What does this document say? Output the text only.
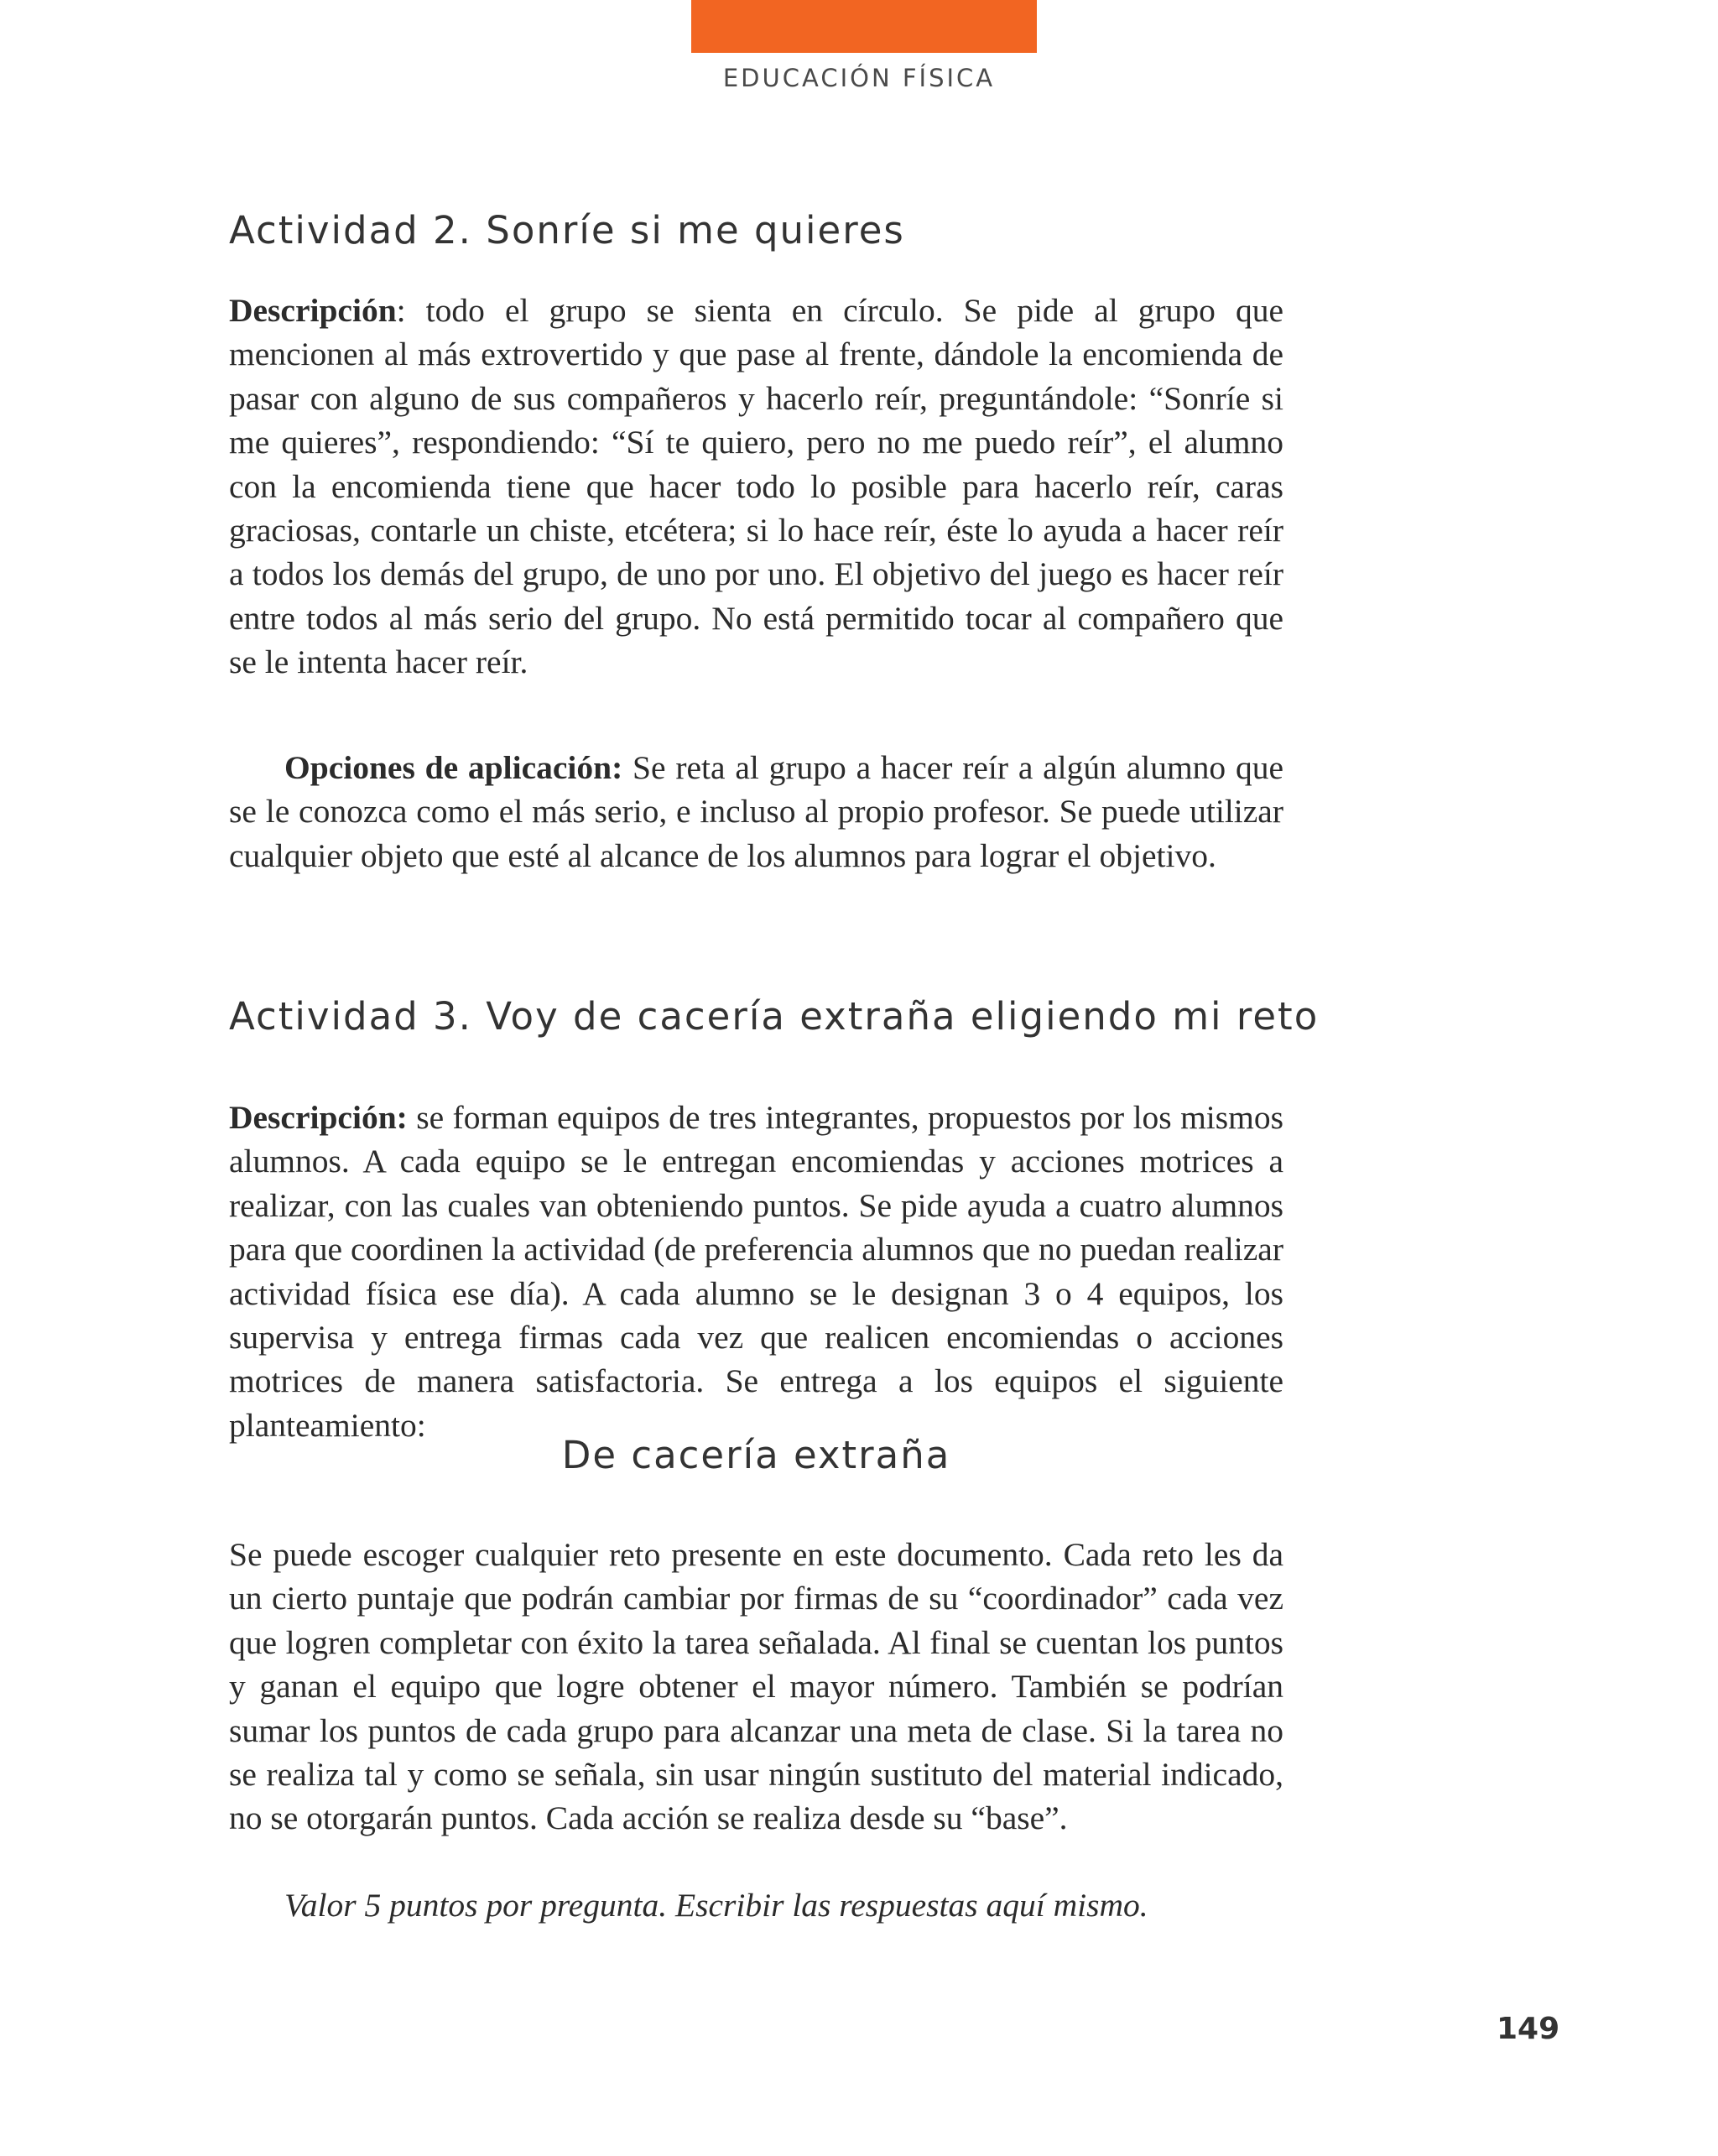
EDUCACIÓN FÍSICA
Actividad 2. Sonríe si me quieres

Descripción: todo el grupo se sienta en círculo. Se pide al grupo que mencionen al más extrovertido y que pase al frente, dándole la encomienda de pasar con alguno de sus compañeros y hacerlo reír, preguntándole: “Sonríe si me quieres”, respondiendo: “Sí te quiero, pero no me puedo reír”, el alumno con la encomienda tiene que hacer todo lo posible para hacerlo reír, caras graciosas, contarle un chiste, etcétera; si lo hace reír, éste lo ayuda a hacer reír a todos los demás del grupo, de uno por uno. El objetivo del juego es hacer reír entre todos al más serio del grupo. No está permitido tocar al compañero que se le intenta hacer reír.

Opciones de aplicación: Se reta al grupo a hacer reír a algún alumno que se le conozca como el más serio, e incluso al propio profesor. Se puede utilizar cualquier objeto que esté al alcance de los alumnos para lograr el objetivo.

Actividad 3. Voy de cacería extraña eligiendo mi reto

Descripción: se forman equipos de tres integrantes, propuestos por los mismos alumnos. A cada equipo se le entregan encomiendas y acciones motrices a realizar, con las cuales van obteniendo puntos. Se pide ayuda a cuatro alumnos para que coordinen la actividad (de preferencia alumnos que no puedan realizar actividad física ese día). A cada alumno se le designan 3 o 4 equipos, los supervisa y entrega firmas cada vez que realicen encomiendas o acciones motrices de manera satisfactoria. Se entrega a los equipos el siguiente planteamiento:

De cacería extraña

Se puede escoger cualquier reto presente en este documento. Cada reto les da un cierto puntaje que podrán cambiar por firmas de su “coordinador” cada vez que logren completar con éxito la tarea señalada. Al final se cuentan los puntos y ganan el equipo que logre obtener el mayor número. También se podrían sumar los puntos de cada grupo para alcanzar una meta de clase. Si la tarea no se realiza tal y como se señala, sin usar ningún sustituto del material indicado, no se otorgarán puntos. Cada acción se realiza desde su “base”.

Valor 5 puntos por pregunta. Escribir las respuestas aquí mismo.
149
